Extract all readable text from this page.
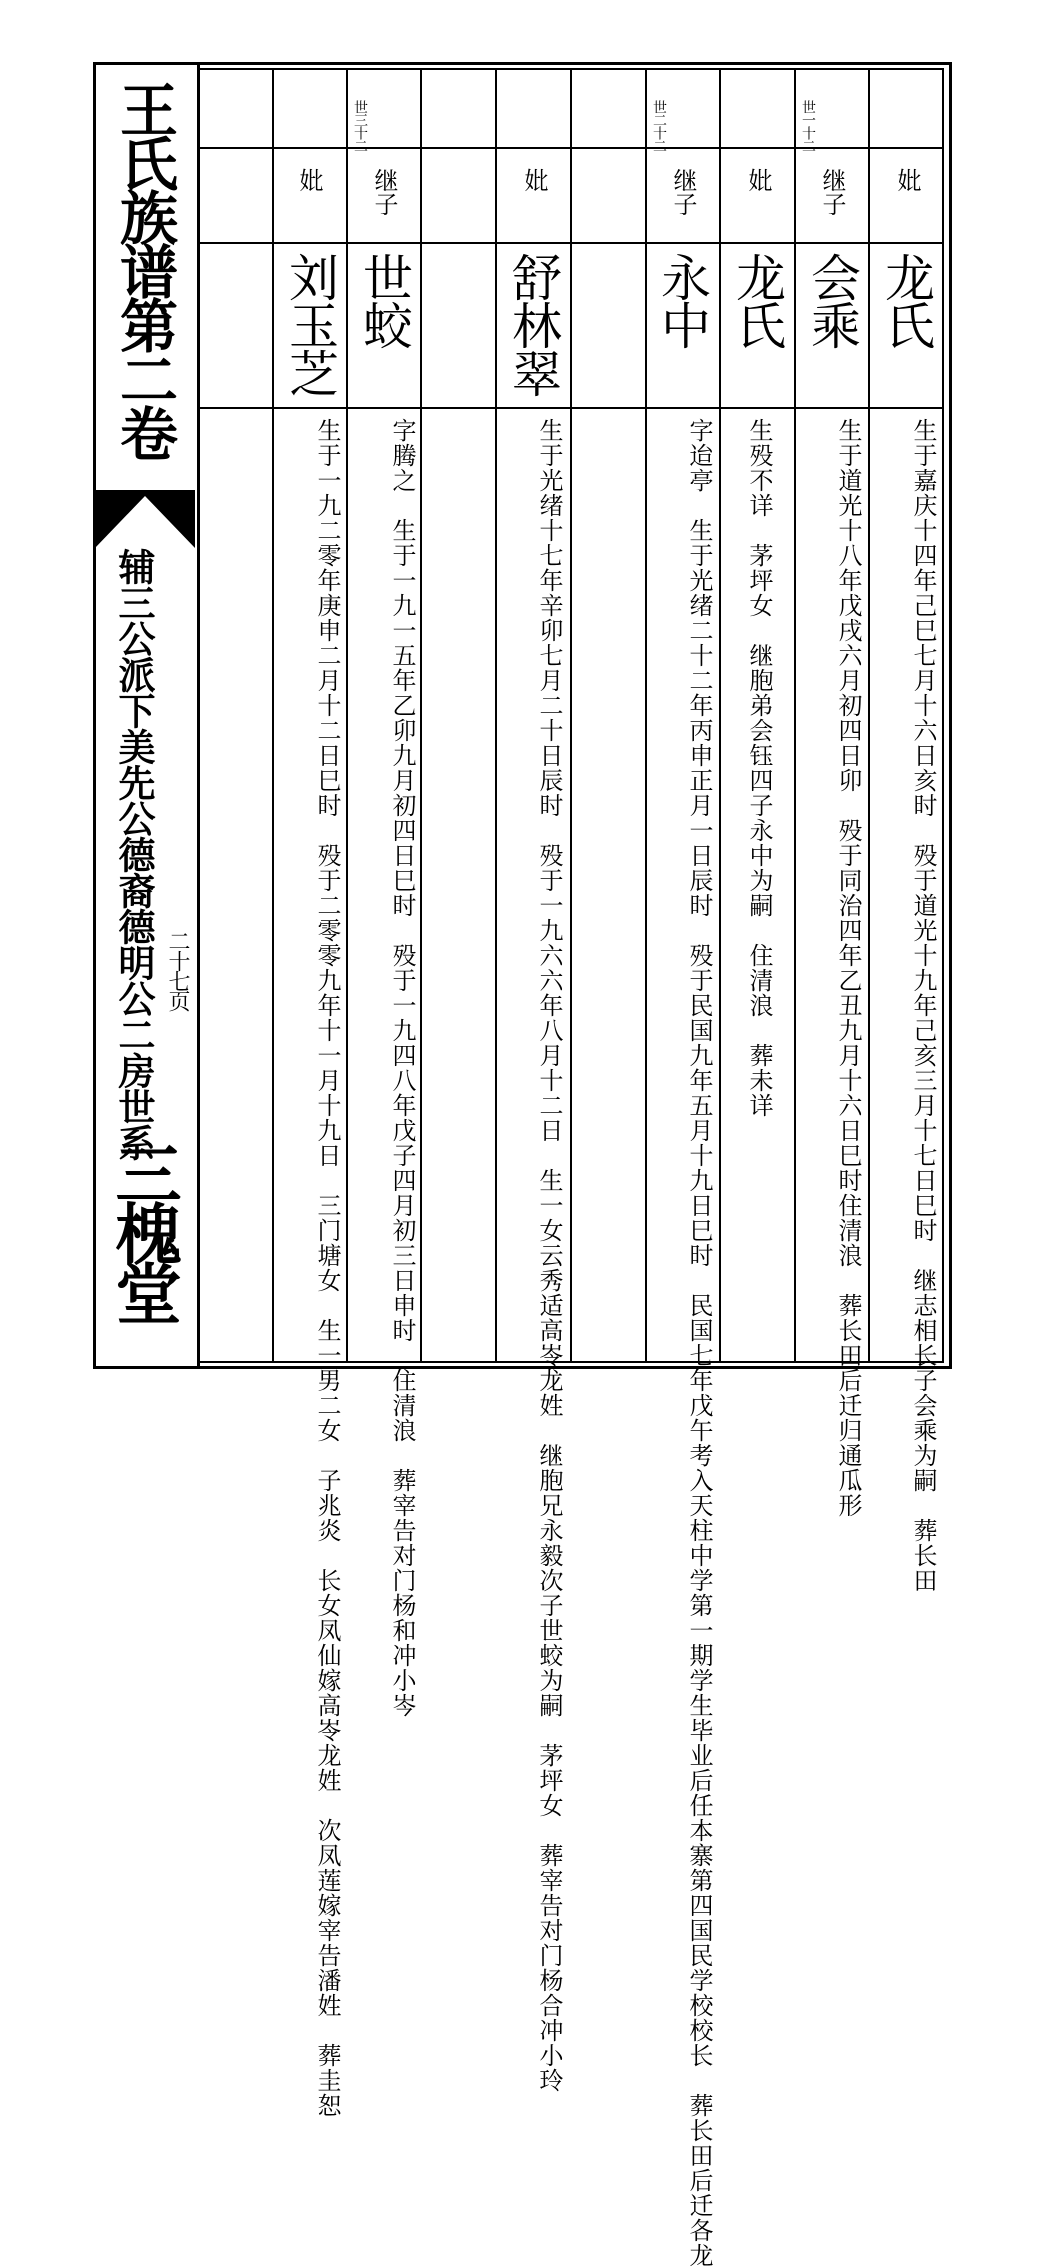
王氏族谱第二卷
辅三公派下美先公德裔德明公二房世系 二十七页
三槐堂
妣
龙氏
生于嘉庆十四年己巳七月十六日亥时　殁于道光十九年己亥三月十七日巳时　继志相长子会乘为嗣　葬长田
世一十二
继子
会乘
生于道光十八年戊戌六月初四日卯　殁于同治四年乙丑九月十六日巳时住清浪　葬长田后迁归通瓜形
妣
龙氏
生殁不详　茅坪女　继胞弟会钰四子永中为嗣　住清浪　葬未详
世二十二
继子
永中
字迨亭　生于光绪二十二年丙申正月一日辰时　殁于民国九年五月十九日巳时　民国七年戊午考入天柱中学第一期学生毕业后任本寨第四国民学校校长　葬长田后迁各龙
妣
舒林翠
生于光绪十七年辛卯七月二十日辰时　殁于一九六六年八月十二日　生一女云秀适高岺龙姓　继胞兄永毅次子世蛟为嗣　茅坪女　葬宰告对门杨合冲小玲
世三十二
继子
世蛟
字腾之　生于一九一五年乙卯九月初四日巳时　殁于一九四八年戊子四月初三日申时　住清浪　葬宰告对门杨和冲小岑
妣
刘玉芝
生于一九二零年庚申二月十二日巳时　殁于二零零九年十一月十九日　三门塘女　生一男二女　子兆炎　长女凤仙嫁高岺龙姓　次凤莲嫁宰告潘姓　葬圭恕
